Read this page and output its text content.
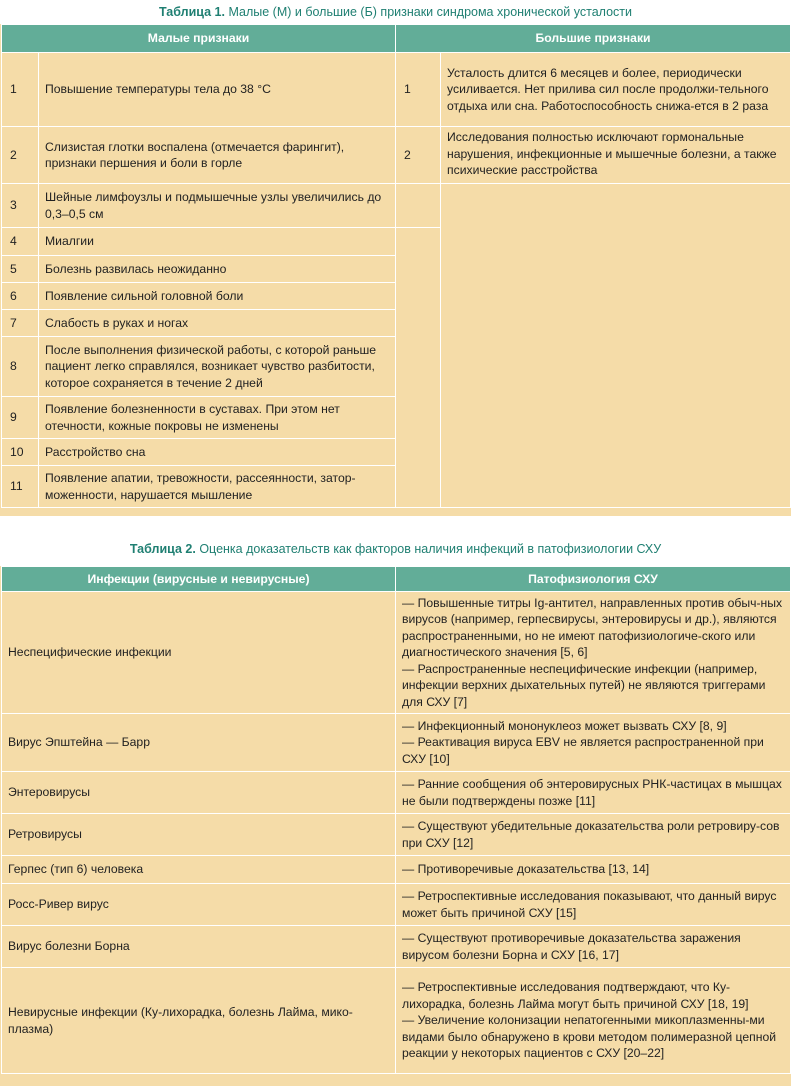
Таблица 1. Малые (М) и большие (Б) признаки синдрома хронической усталости
Малые признаки		Большие признаки	
1	Повышение температуры тела до 38 °С	1	Усталость длится 6 месяцев и более, периодически усиливается. Нет прилива сил после продолжи-тельного отдыха или сна. Работоспособность снижа-ется в 2 раза
2	Слизистая глотки воспалена (отмечается фарингит), признаки першения и боли в горле	2	Исследования полностью исключают гормональные нарушения, инфекционные и мышечные болезни, а также психические расстройства
3	Шейные лимфоузлы и подмышечные узлы увеличились до 0,3–0,5 см		
4	Миалгии		
5	Болезнь развилась неожиданно		
6	Появление сильной головной боли		
7	Слабость в руках и ногах		
8	После выполнения физической работы, с которой раньше пациент легко справлялся, возникает чувство разбитости, которое сохраняется в течение 2 дней		
9	Появление болезненности в суставах. При этом нет отечности, кожные покровы не изменены		
10	Расстройство сна		
11	Появление апатии, тревожности, рассеянности, затор-моженности, нарушается мышление		
Таблица 2. Оценка доказательств как факторов наличия инфекций в патофизиологии СХУ
Инфекции (вирусные и невирусные)	Патофизиология СХУ
Неспецифические инфекции	— Повышенные титры Ig-антител, направленных против обыч-ных вирусов (например, герпесвирусы, энтеровирусы и др.), являются распространенными, но не имеют патофизиологиче-ского или диагностического значения [5, 6]
— Распространенные неспецифические инфекции (например, инфекции верхних дыхательных путей) не являются триггерами для СХУ [7]

Вирус Эпштейна — Барр	— Инфекционный мононуклеоз может вызвать СХУ [8, 9]
— Реактивация вируса EBV не является распространенной при СХУ [10]

Энтеровирусы	— Ранние сообщения об энтеровирусных РНК-частицах в мышцах не были подтверждены позже [11]

Ретровирусы	— Существуют убедительные доказательства роли ретровиру-сов при СХУ [12]

Герпес (тип 6) человека	— Противоречивые доказательства [13, 14]

Росс-Ривер вирус	— Ретроспективные исследования показывают, что данный вирус может быть причиной СХУ [15]

Вирус болезни Борна	— Существуют противоречивые доказательства заражения вирусом болезни Борна и СХУ [16, 17]

Невирусные инфекции (Ку-лихорадка, болезнь Лайма, мико-плазма)	— Ретроспективные исследования подтверждают, что Ку-лихорадка, болезнь Лайма могут быть причиной СХУ [18, 19]
— Увеличение колонизации непатогенными микоплазменны-ми видами было обнаружено в крови методом полимеразной цепной реакции у некоторых пациентов с СХУ [20–22]
